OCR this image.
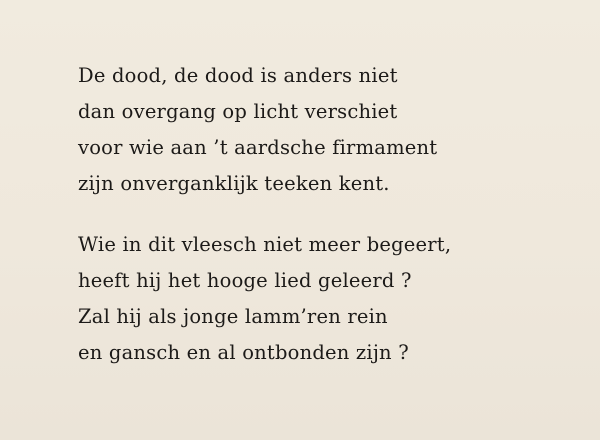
De dood, de dood is anders niet
dan overgang op licht verschiet
voor wie aan ’t aardsche firmament
zijn onverganklijk teeken kent.

Wie in dit vleesch niet meer begeert,
heeft hij het hooge lied geleerd ?
Zal hij als jonge lamm’ren rein
en gansch en al ontbonden zijn ?
